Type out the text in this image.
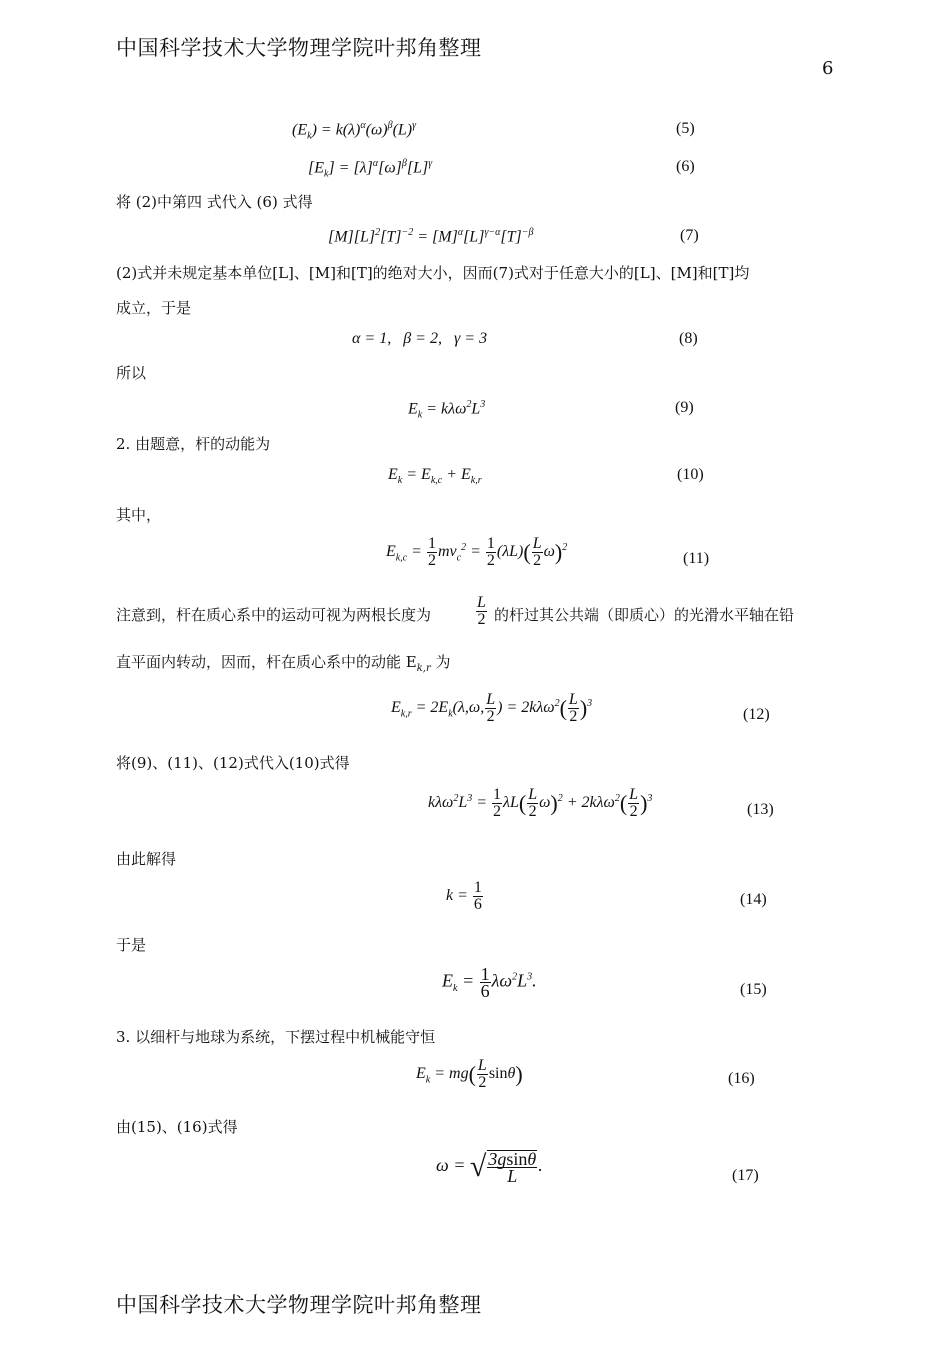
中国科学技术大学物理学院叶邦角整理
6
$(E_k) = k(\lambda)^\alpha(\omega)^\beta(L)^\gamma$	(5)
$[E_k] = [\lambda]^\alpha[\omega]^\beta[L]^\gamma$	(6)
将 (2)中第四 式代入 (6) 式得
$[M][L]^2[T]^{-2} = [M]^\alpha[L]^{\gamma-\alpha}[T]^{-\beta}$	(7)
(2)式并未规定基本单位[L]、[M]和[T]的绝对大小，因而(7)式对于任意大小的[L]、[M]和[T]均
成立，于是
α = 1,   β = 2,   γ = 3	(8)
所以
$E_k = k\lambda\omega^2L^3$	(9)
2. 由题意，杆的动能为
$E_k = E_{k,c} + E_{k,r}$	(10)
其中，
$E_{k,c} = \frac{1}{2} mv_c^2 = \frac{1}{2} (\lambda L)( \frac{L}{2} \omega)^2$
(11)
注意到，杆在质心系中的运动可视为两根长度为	$\frac{L}{2}$ 的杆过其公共端（即质心）的光滑水平轴在铅
直平面内转动，因而，杆在质心系中的动能 $E_{k,r}$ 为
$E_{k,r} = 2E_k(\lambda,\omega$, $\frac{L}{2}$ ) = $2k\lambda\omega^2( \frac{L}{2} )^3$
(12)
将(9)、(11)、(12)式代入(10)式得
$k\lambda\omega^2L^3 = \frac{1}{2} \lambda L( \frac{L}{2} \omega)^2 + 2k\lambda\omega^2( \frac{L}{2} )^3$
(13)
由此解得
$k = \frac{1}{6}$	(14)
于是
$E_k = \frac{1}{6} \lambda\omega^2L^3$.	(15)
3. 以细杆与地球为系统，下摆过程中机械能守恒
$E_k = mg( \frac{L}{2} \sin\theta)$	(16)
由(15)、(16)式得
ω = √ $\frac{3gsin\theta}{L}$ .
(17)
中国科学技术大学物理学院叶邦角整理
